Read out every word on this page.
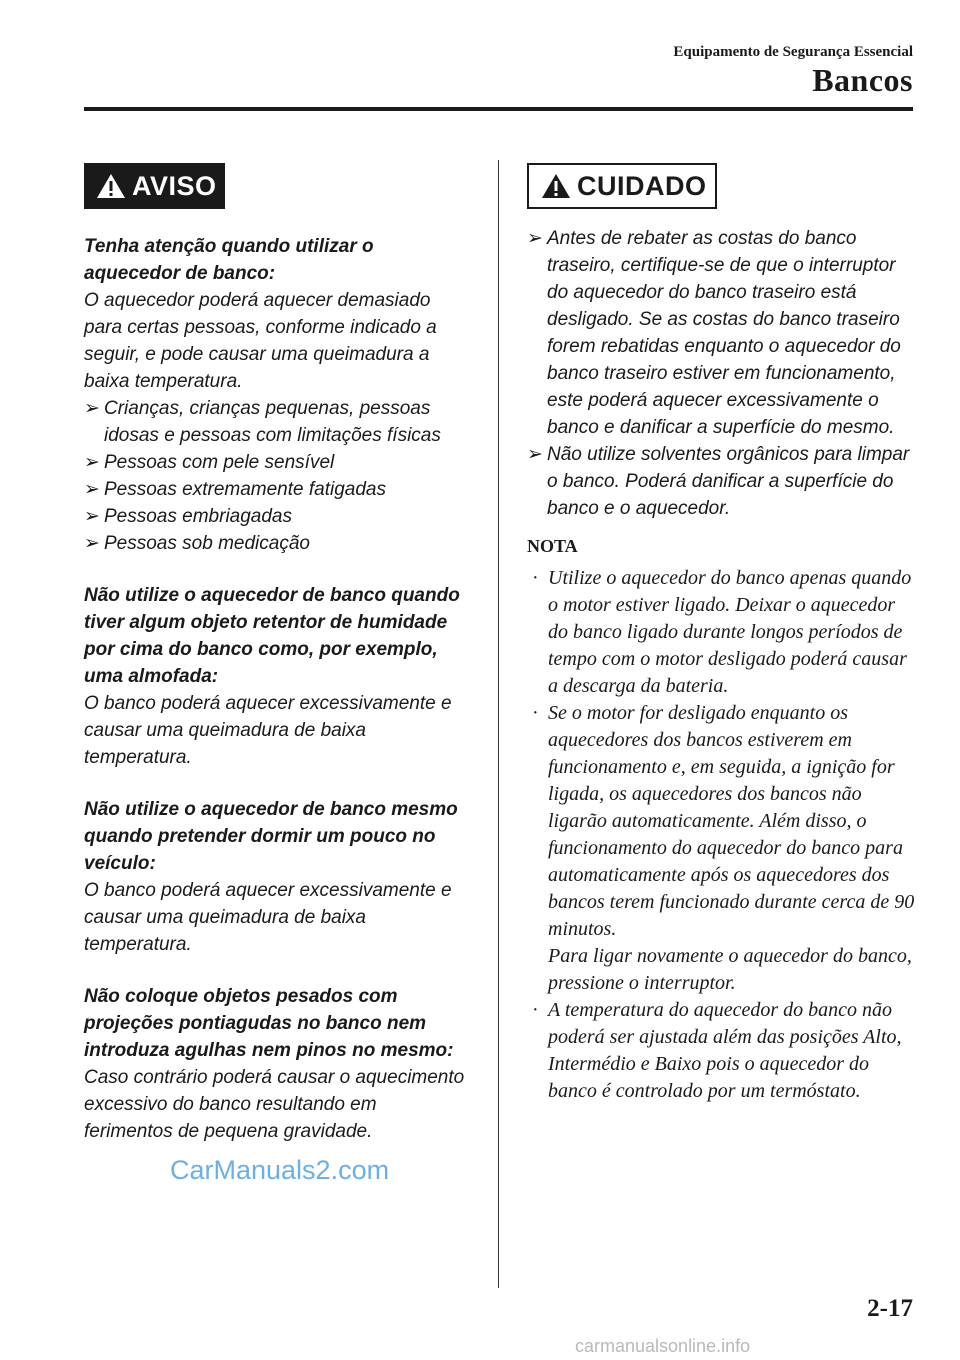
Equipamento de Segurança Essencial
Bancos
AVISO

Tenha atenção quando utilizar o aquecedor de banco:

O aquecedor poderá aquecer demasiado para certas pessoas, conforme indicado a seguir, e pode causar uma queimadura a baixa temperatura.

➢ Crianças, crianças pequenas, pessoas idosas e pessoas com limitações físicas
➢ Pessoas com pele sensível
➢ Pessoas extremamente fatigadas
➢ Pessoas embriagadas
➢ Pessoas sob medicação

Não utilize o aquecedor de banco quando tiver algum objeto retentor de humidade por cima do banco como, por exemplo, uma almofada:

O banco poderá aquecer excessivamente e causar uma queimadura de baixa temperatura.

Não utilize o aquecedor de banco mesmo quando pretender dormir um pouco no veículo:

O banco poderá aquecer excessivamente e causar uma queimadura de baixa temperatura.

Não coloque objetos pesados com projeções pontiagudas no banco nem introduza agulhas nem pinos no mesmo:

Caso contrário poderá causar o aquecimento excessivo do banco resultando em ferimentos de pequena gravidade.

CUIDADO
➢ Antes de rebater as costas do banco traseiro, certifique-se de que o interruptor do aquecedor do banco traseiro está desligado. Se as costas do banco traseiro forem rebatidas enquanto o aquecedor do banco traseiro estiver em funcionamento, este poderá aquecer excessivamente o banco e danificar a superfície do mesmo.
➢ Não utilize solventes orgânicos para limpar o banco. Poderá danificar a superfície do banco e o aquecedor.
NOTA
· Utilize o aquecedor do banco apenas quando o motor estiver ligado. Deixar o aquecedor do banco ligado durante longos períodos de tempo com o motor desligado poderá causar a descarga da bateria.
· Se o motor for desligado enquanto os aquecedores dos bancos estiverem em funcionamento e, em seguida, a ignição for ligada, os aquecedores dos bancos não ligarão automaticamente. Além disso, o funcionamento do aquecedor do banco para automaticamente após os aquecedores dos bancos terem funcionado durante cerca de 90 minutos.
Para ligar novamente o aquecedor do banco, pressione o interruptor.
· A temperatura do aquecedor do banco não poderá ser ajustada além das posições Alto, Intermédio e Baixo pois o aquecedor do banco é controlado por um termóstato.
2-17
CarManuals2.com
carmanualsonline.info
